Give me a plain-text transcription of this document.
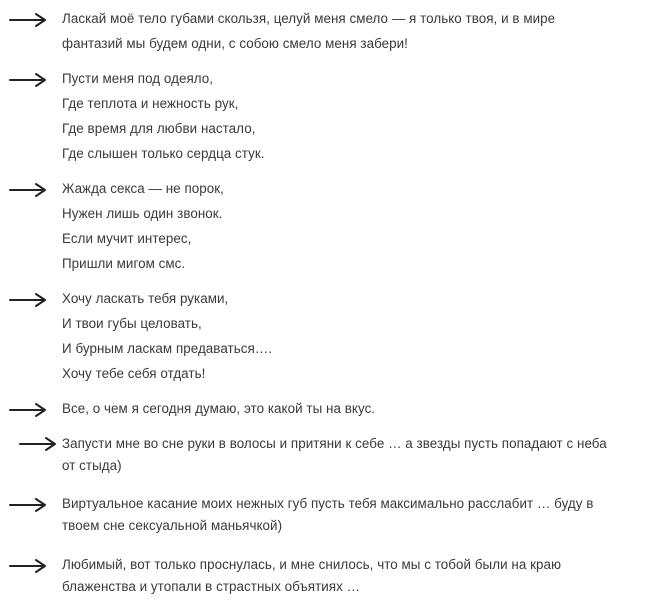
Ласкай моё тело губами скользя, целуй меня смело — я только твоя, и в мире
фантазий мы будем одни, с собою смело меня забери!
Пусти меня под одеяло,
Где теплота и нежность рук,
Где время для любви настало,
Где слышен только сердца стук.
Жажда секса — не порок,
Нужен лишь один звонок.
Если мучит интерес,
Пришли мигом смс.
Хочу ласкать тебя руками,
И твои губы целовать,
И бурным ласкам предаваться….
Хочу тебе себя отдать!
Все, о чем я сегодня думаю, это какой ты на вкус.
Запусти мне во сне руки в волосы и притяни к себе … а звезды пусть попадают с неба
от стыда)
Виртуальное касание моих нежных губ пусть тебя максимально расслабит … буду в
твоем сне сексуальной маньячкой)
Любимый, вот только проснулась, и мне снилось, что мы с тобой были на краю
блаженства и утопали в страстных объятиях …
